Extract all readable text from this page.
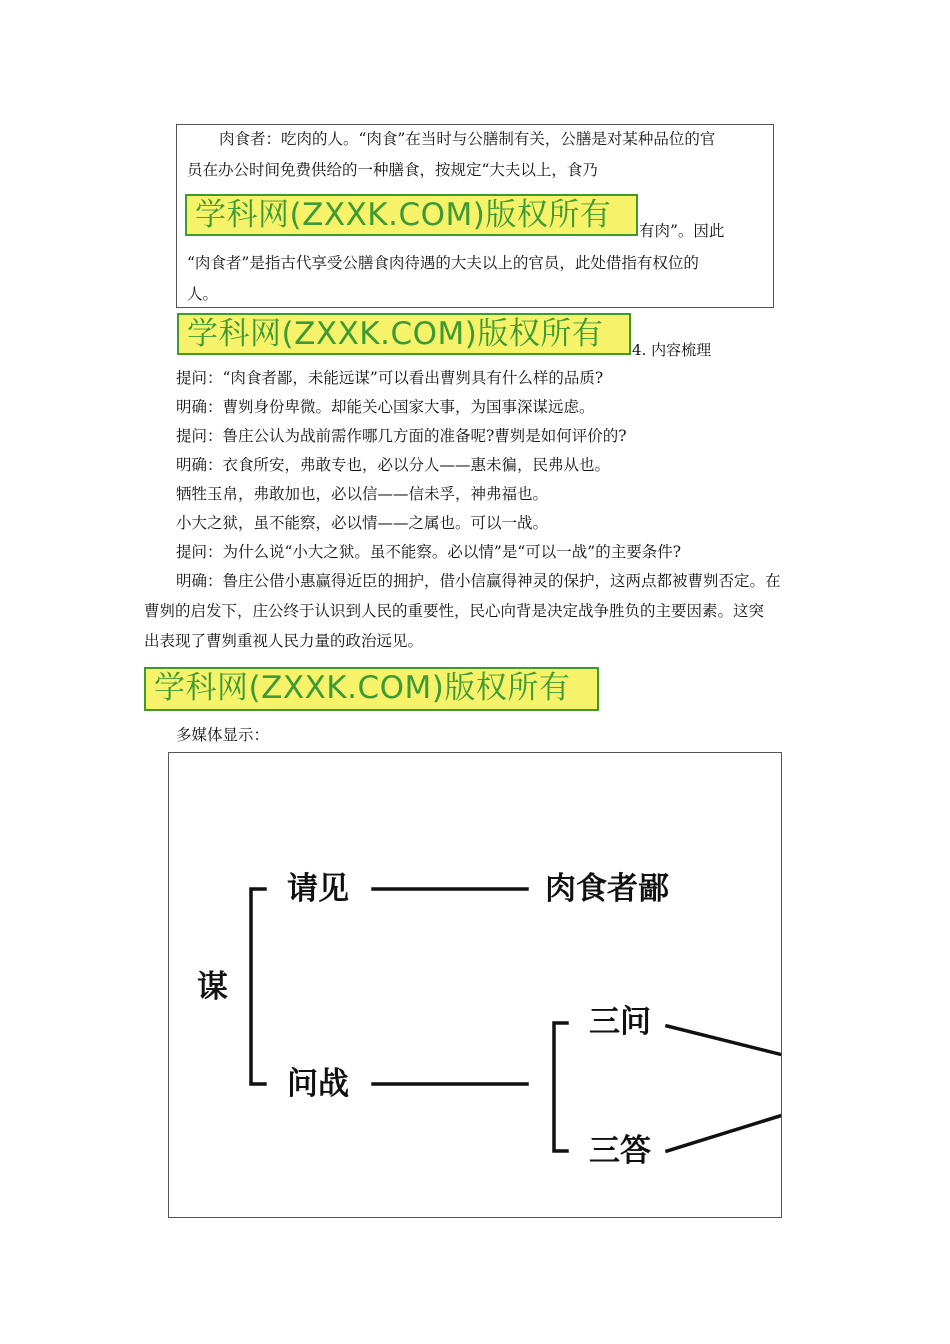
肉食者：吃肉的人。“肉食”在当时与公膳制有关，公膳是对某种品位的官
员在办公时间免费供给的一种膳食，按规定“大夫以上，食乃
有肉”。因此
“肉食者”是指古代享受公膳食肉待遇的大夫以上的官员，此处借指有权位的
人。
学科网(ZXXK.COM)版权所有
学科网(ZXXK.COM)版权所有	4. 内容梳理
提问：“肉食者鄙，未能远谋”可以看出曹刿具有什么样的品质?
明确：曹刿身份卑微。却能关心国家大事，为国事深谋远虑。
提问：鲁庄公认为战前需作哪几方面的准备呢?曹刿是如何评价的?
明确：衣食所安，弗敢专也，必以分人——惠未徧，民弗从也。
牺牲玉帛，弗敢加也，必以信——信未孚，神弗福也。
小大之狱，虽不能察，必以情——之属也。可以一战。
提问：为什么说“小大之狱。虽不能察。必以情”是“可以一战”的主要条件?
明确：鲁庄公借小惠赢得近臣的拥护，借小信赢得神灵的保护，这两点都被曹刿否定。在
曹刿的启发下，庄公终于认识到人民的重要性，民心向背是决定战争胜负的主要因素。这突
出表现了曹刿重视人民力量的政治远见。
学科网(ZXXK.COM)版权所有
多媒体显示：
谋
请见	肉食者鄙
问战
三问
三答
